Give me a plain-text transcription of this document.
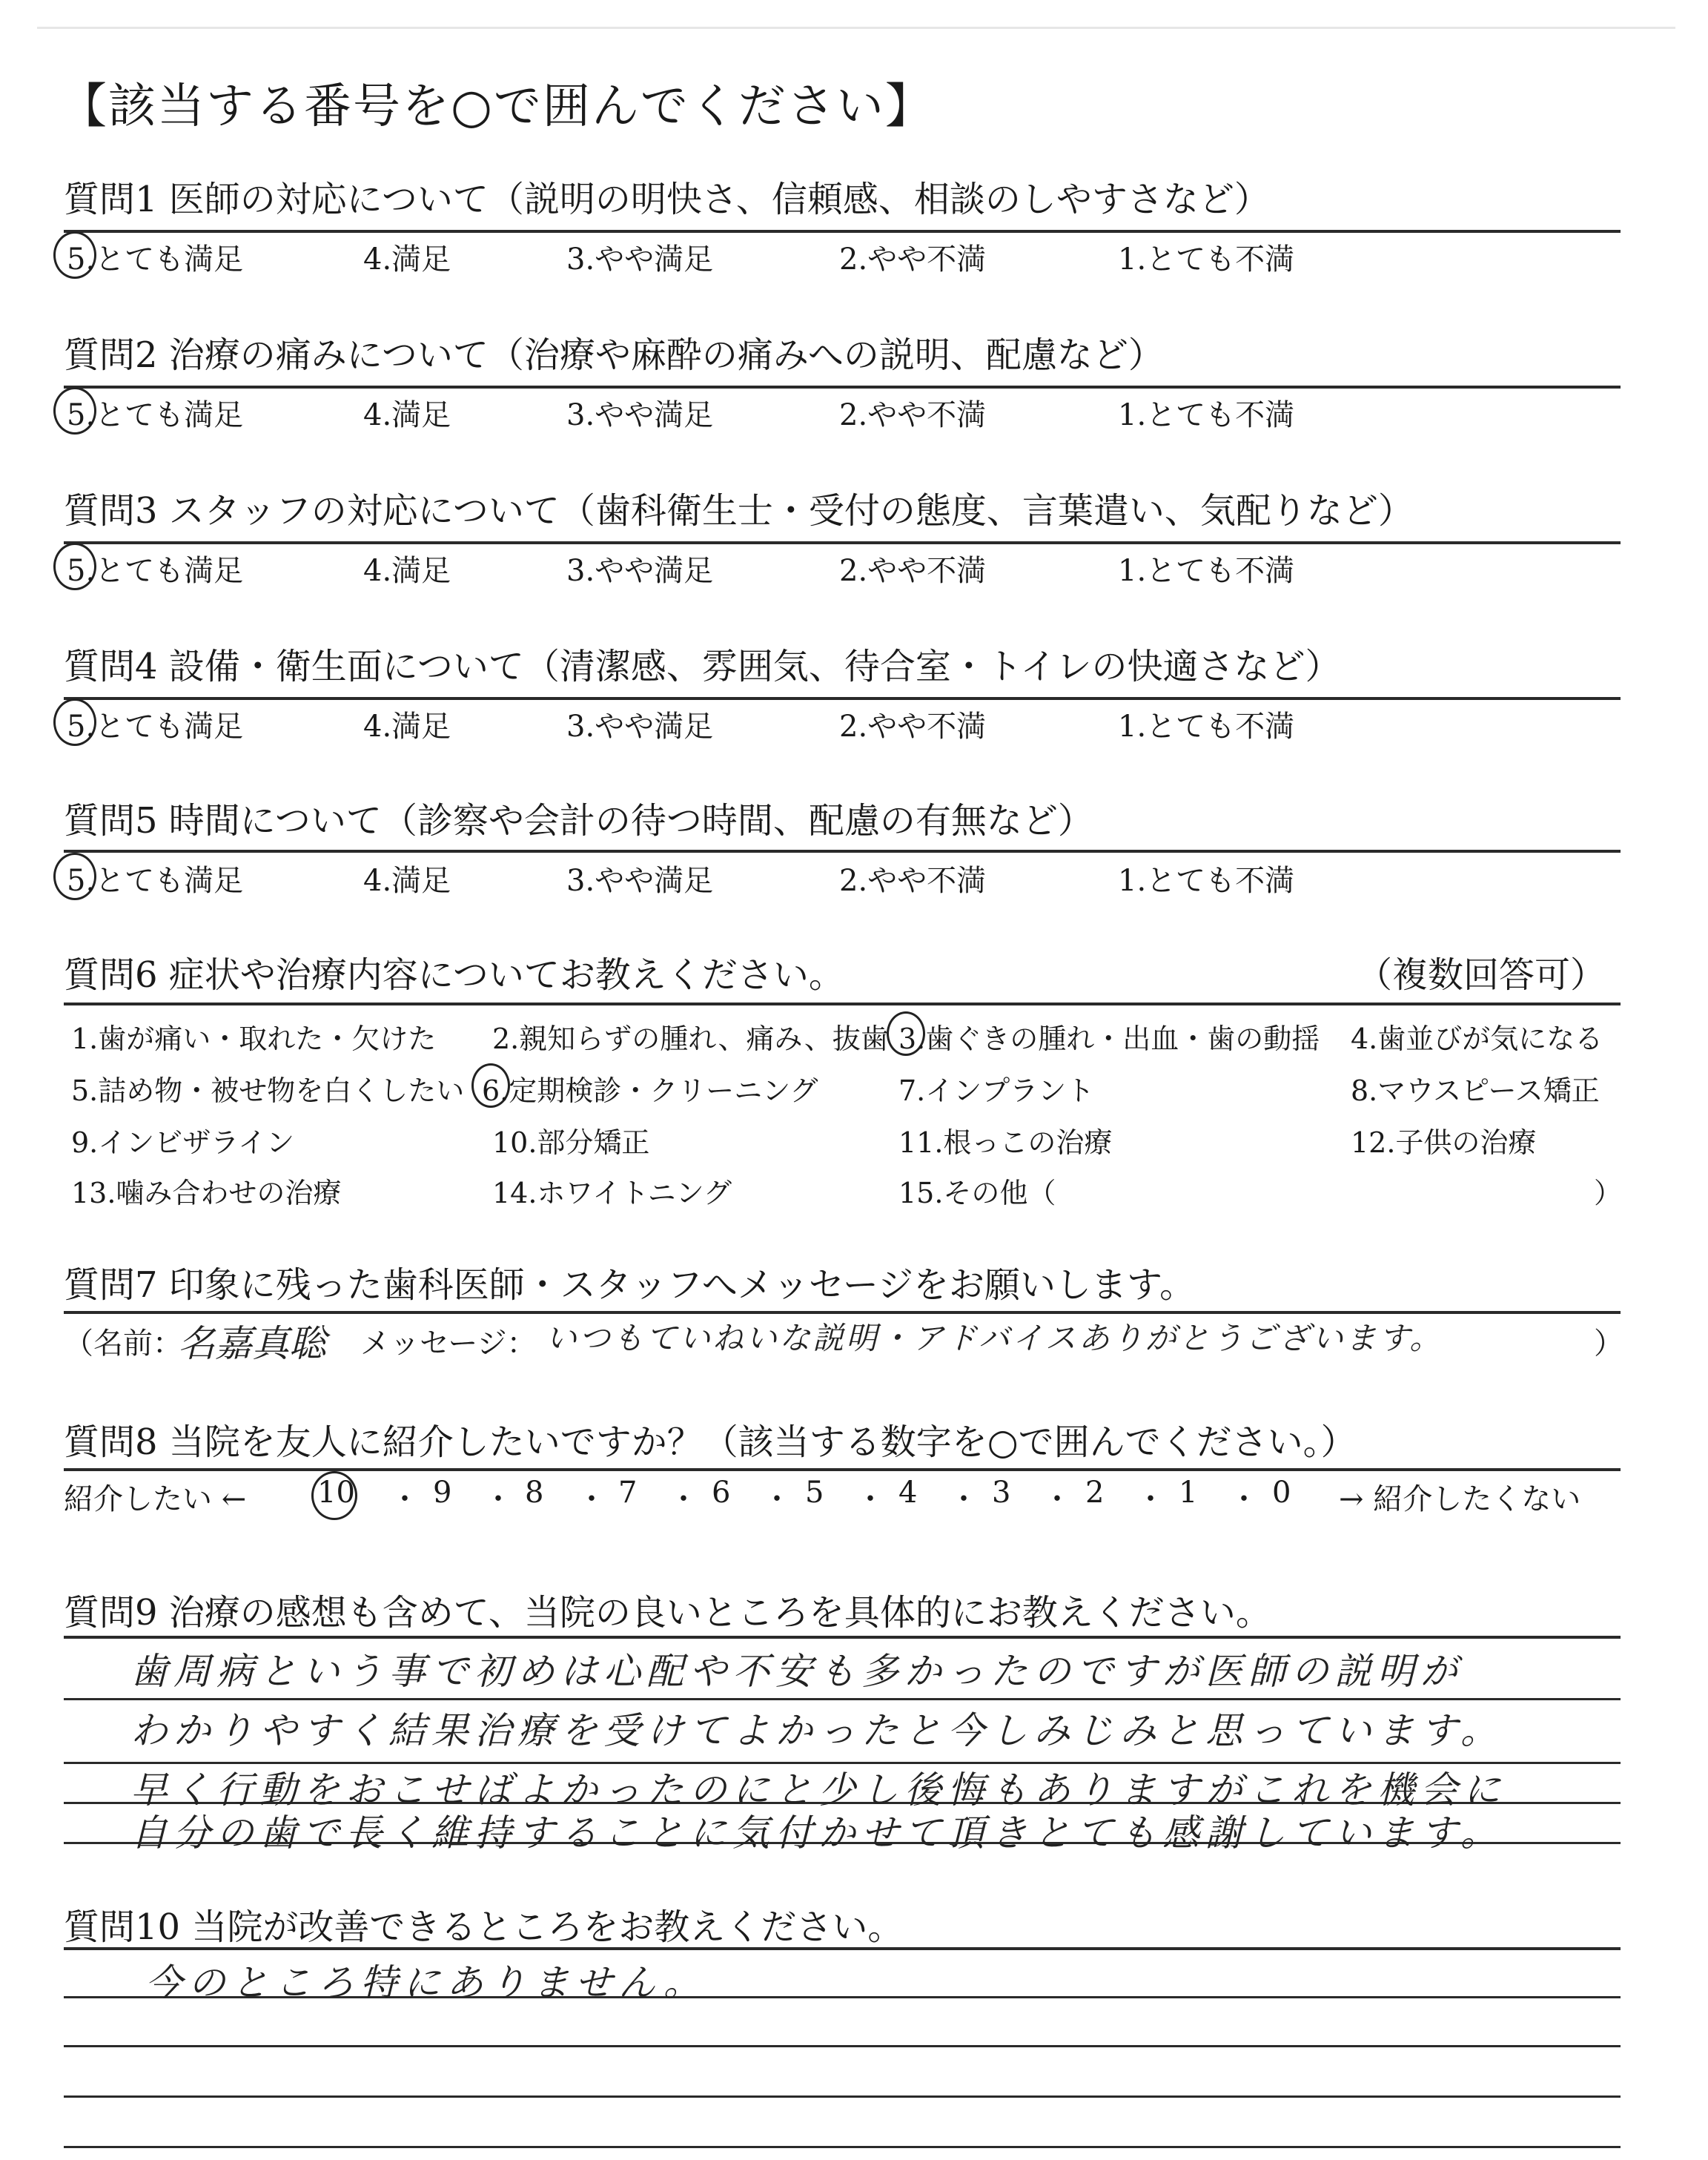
【該当する番号を○で囲んでください】
質問1 医師の対応について（説明の明快さ、信頼感、相談のしやすさなど）
5.とても満足	4.満足	3.やや満足	2.やや不満	1.とても不満
質問2 治療の痛みについて（治療や麻酔の痛みへの説明、配慮など）
5.とても満足	4.満足	3.やや満足	2.やや不満	1.とても不満
質問3 スタッフの対応について（歯科衛生士・受付の態度、言葉遣い、気配りなど）
5.とても満足	4.満足	3.やや満足	2.やや不満	1.とても不満
質問4 設備・衛生面について（清潔感、雰囲気、待合室・トイレの快適さなど）
5.とても満足	4.満足	3.やや満足	2.やや不満	1.とても不満
質問5 時間について（診察や会計の待つ時間、配慮の有無など）
5.とても満足	4.満足	3.やや満足	2.やや不満	1.とても不満
質問6 症状や治療内容についてお教えください。	（複数回答可）
1.歯が痛い・取れた・欠けた 2.親知らずの腫れ、痛み、抜歯 3.歯ぐきの腫れ・出血・歯の動揺 4.歯並びが気になる
5.詰め物・被せ物を白くしたい 6.定期検診・クリーニング	7.インプラント	8.マウスピース矯正
9.インビザライン	10.部分矯正	11.根っこの治療	12.子供の治療
13.噛み合わせの治療	14.ホワイトニング	15.その他（	）
質問7 印象に残った歯科医師・スタッフへメッセージをお願いします。
（名前：
名嘉真聡 メッセージ： いつもていねいな説明・アドバイスありがとうございます。	）
質問8 当院を友人に紹介したいですか？（該当する数字を○で囲んでください。）
紹介したい ← 10 ・ 9 ・ 8 ・ 7 ・ 6 ・ 5 ・ 4 ・ 3 ・ 2 ・ 1 ・ 0 → 紹介したくない
質問9 治療の感想も含めて、当院の良いところを具体的にお教えください。
歯周病という事で初めは心配や不安も多かったのですが医師の説明が
わかりやすく結果治療を受けてよかったと今しみじみと思っています。
早く行動をおこせばよかったのにと少し後悔もありますがこれを機会に
自分の歯で長く維持することに気付かせて頂きとても感謝しています。
質問10 当院が改善できるところをお教えください。
今のところ特にありません。
